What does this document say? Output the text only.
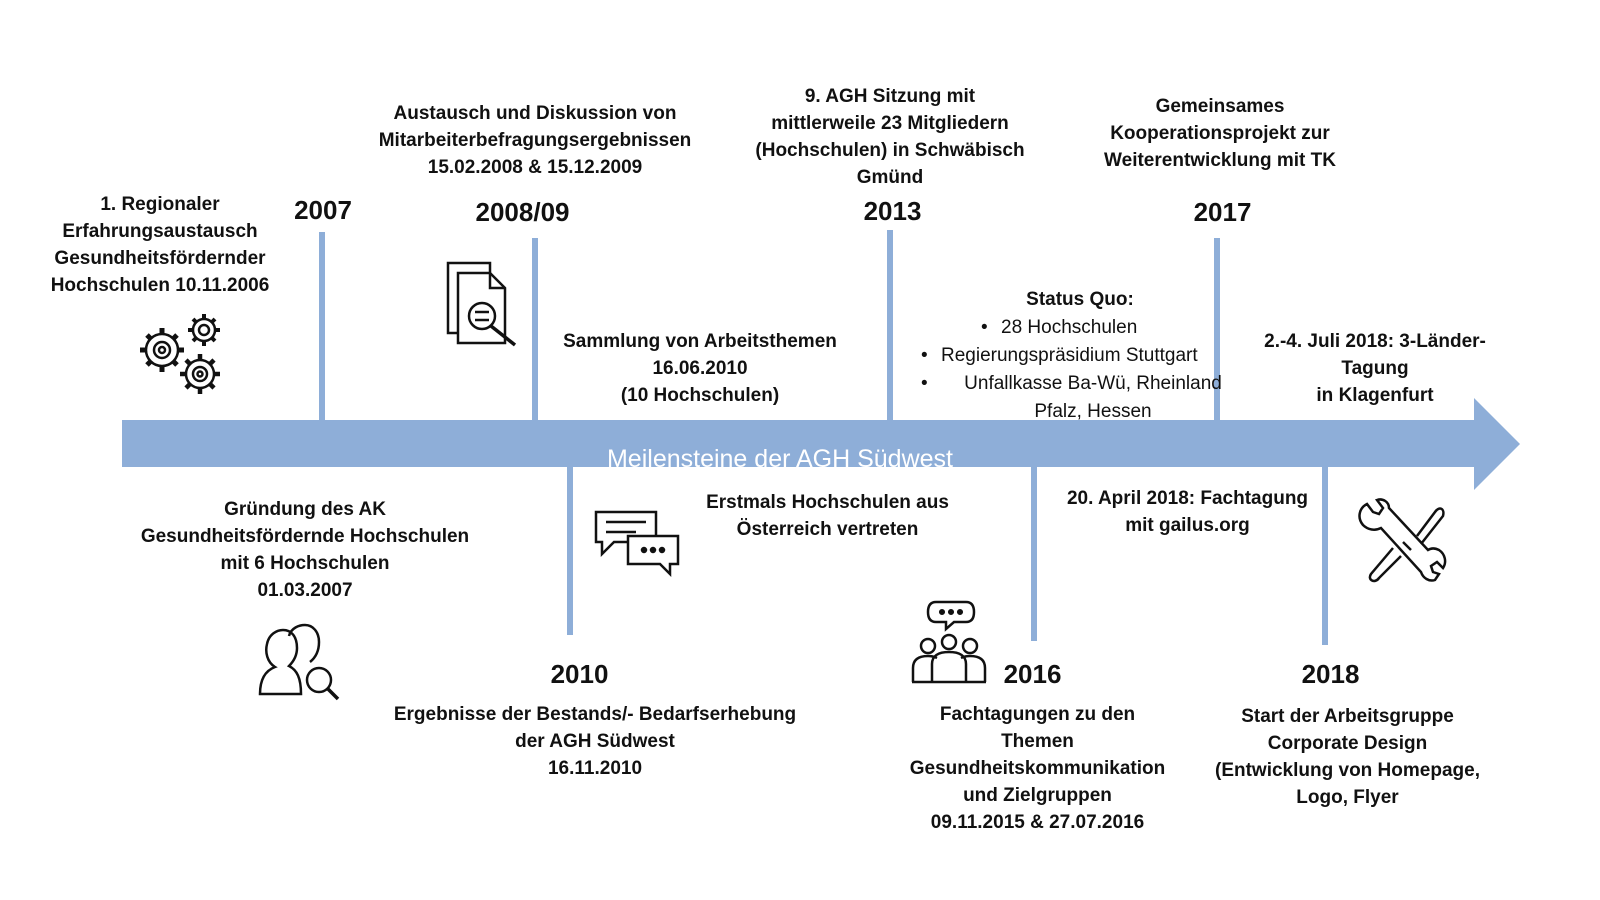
Meilensteine der AGH Südwest
2007	2008/09	2013	2017
2010	2016	2018
1. Regionaler
Erfahrungsaustausch
Gesundheitsfördernder
Hochschulen 10.11.2006
Austausch und Diskussion von
Mitarbeiterbefragungsergebnissen
15.02.2008 & 15.12.2009
9. AGH Sitzung mit
mittlerweile 23 Mitgliedern
(Hochschulen) in Schwäbisch
Gmünd
Gemeinsames
Kooperationsprojekt zur
Weiterentwicklung mit TK
Sammlung von Arbeitsthemen
16.06.2010
(10 Hochschulen)
2.-4. Juli 2018: 3-Länder-
Tagung
in Klagenfurt
Status Quo:
• 28 Hochschulen
• Regierungspräsidium Stuttgart
• Unfallkasse Ba-Wü, Rheinland
Pfalz, Hessen
Gründung des AK
Gesundheitsfördernde Hochschulen
mit 6 Hochschulen
01.03.2007
Erstmals Hochschulen aus
Österreich vertreten
20. April 2018: Fachtagung
mit gailus.org
Ergebnisse der Bestands/- Bedarfserhebung
der AGH Südwest
16.11.2010
Fachtagungen zu den
Themen
Gesundheitskommunikation
und Zielgruppen
09.11.2015 & 27.07.2016
Start der Arbeitsgruppe
Corporate Design
(Entwicklung von Homepage,
Logo, Flyer
